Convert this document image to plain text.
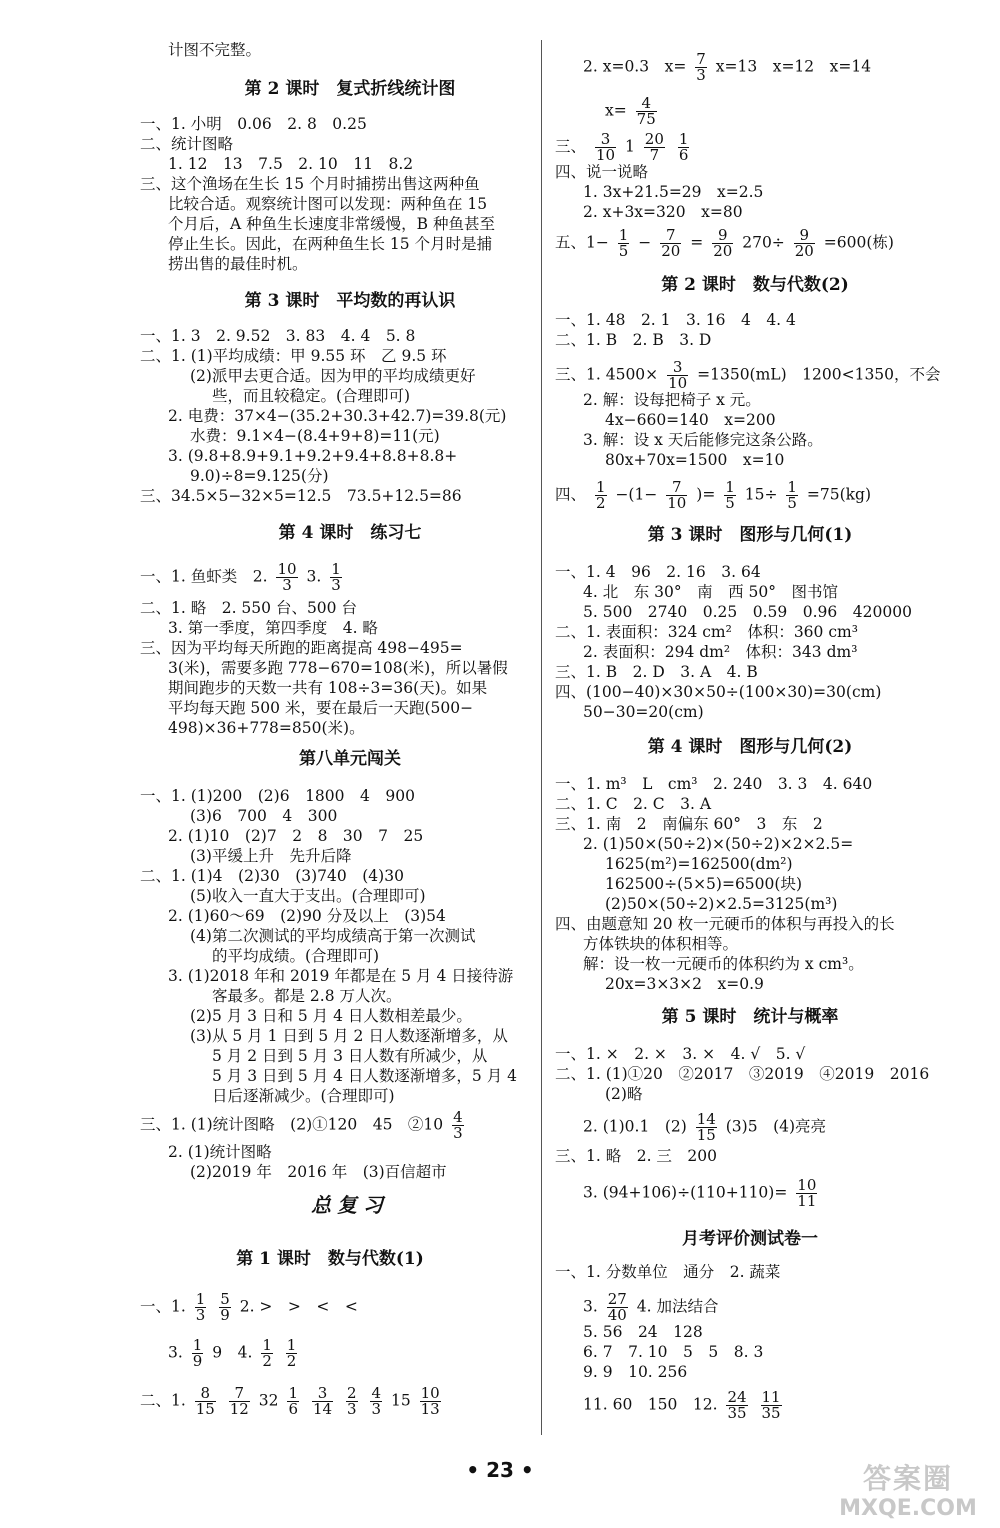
计图不完整。
第 2 课时　复式折线统计图
一、1. 小明　0.06　2. 8　0.25
二、统计图略
1. 12　13　7.5　2. 10　11　8.2
三、这个渔场在生长 15 个月时捕捞出售这两种鱼
比较合适。观察统计图可以发现：两种鱼在 15
个月后，A 种鱼生长速度非常缓慢，B 种鱼甚至
停止生长。因此，在两种鱼生长 15 个月时是捕
捞出售的最佳时机。
第 3 课时　平均数的再认识
一、1. 3　2. 9.52　3. 83　4. 4　5. 8
二、1. (1)平均成绩：甲 9.55 环　乙 9.5 环
(2)派甲去更合适。因为甲的平均成绩更好
些，而且较稳定。(合理即可)
2. 电费：37×4−(35.2+30.3+42.7)=39.8(元)
水费：9.1×4−(8.4+9+8)=11(元)
3. (9.8+8.9+9.1+9.2+9.4+8.8+8.8+
9.0)÷8=9.125(分)
三、34.5×5−32×5=12.5　73.5+12.5=86
第 4 课时　练习七
一、1. 鱼虾类　2. $\frac{10}{3} 3$. $\frac{1}{3}$
二、1. 略　2. 550 台、500 台
3. 第一季度，第四季度　4. 略
三、因为平均每天所跑的距离提高 498−495=
3(米)，需要多跑 778−670=108(米)，所以暑假
期间跑步的天数一共有 108÷3=36(天)。如果
平均每天跑 500 米，要在最后一天跑(500−
498)×36+778=850(米)。
第八单元闯关
一、1. (1)200　(2)6　1800　4　900
(3)6　700　4　300
2. (1)10　(2)7　2　8　30　7　25
(3)平缓上升　先升后降
二、1. (1)4　(2)30　(3)740　(4)30
(5)收入一直大于支出。(合理即可)
2. (1)60～69　(2)90 分及以上　(3)54
(4)第二次测试的平均成绩高于第一次测试
的平均成绩。(合理即可)
3. (1)2018 年和 2019 年都是在 5 月 4 日接待游
客最多。都是 2.8 万人次。
(2)5 月 3 日和 5 月 4 日人数相差最少。
(3)从 5 月 1 日到 5 月 2 日人数逐渐增多，从
5 月 2 日到 5 月 3 日人数有所减少，从
5 月 3 日到 5 月 4 日人数逐渐增多，5 月 4
日后逐渐减少。(合理即可)
三、1. (1)统计图略　(2)①120　45　②10 $\frac{4}{3}$
2. (1)统计图略
(2)2019 年　2016 年　(3)百信超市
总复习
第 1 课时　数与代数(1)
一、1. $\frac{1}{3}$
$\frac{5}{9} 2$. >　>　<　<
3. $\frac{1}{9} 9$　4. $\frac{1}{2}$
$\frac{1}{2}$
二、1. $\frac{8}{15}$
$\frac{7}{12} 32 \frac{1}{6}$
$\frac{3}{14}$
$\frac{2}{3}$
$\frac{4}{3} 15 \frac{10}{13}$
2. x=0.3　$x= \frac{7}{3} x=13$　x=12　x=14
$x= \frac{4}{75}$
三、 $\frac{3}{10} 1 \frac{20}{7}$
$\frac{1}{6}$
四、说一说略
1. 3x+21.5=29　x=2.5
2. x+3x=320　x=80
五、$1- \frac{1}{5} - \frac{7}{20} = \frac{9}{20} 270\div \frac{9}{20} =600$(栋)
第 2 课时　数与代数(2)
一、1. 48　2. 1　3. 16　4　4. 4
二、1. B　2. B　3. D
三、1. $4500\times \frac{3}{10} =1350(mL)$　1200<1350，不会
2. 解：设每把椅子 x 元。
4x−660=140　x=200
3. 解：设 x 天后能修完这条公路。
80x+70x=1500　x=10
四、 $\frac{1}{2} -(1- \frac{7}{10}$ )= $\frac{1}{5} 15\div \frac{1}{5} =75(kg)$
第 3 课时　图形与几何(1)
一、1. 4　96　2. 16　3. 64
4. 北　东 30°　南　西 50°　图书馆
5. 500　2740　0.25　0.59　0.96　420000
二、1. 表面积：324 cm²　体积：360 cm³
2. 表面积：294 dm²　体积：343 dm³
三、1. B　2. D　3. A　4. B
四、(100−40)×30×50÷(100×30)=30(cm)
50−30=20(cm)
第 4 课时　图形与几何(2)
一、1. m³　L　cm³　2. 240　3. 3　4. 640
二、1. C　2. C　3. A
三、1. 南　2　南偏东 60°　3　东　2
2. (1)50×(50÷2)×(50÷2)×2×2.5=
1625(m²)=162500(dm²)
162500÷(5×5)=6500(块)
(2)50×(50÷2)×2.5=3125(m³)
四、由题意知 20 枚一元硬币的体积与再投入的长
方体铁块的体积相等。
解：设一枚一元硬币的体积约为 x cm³。
20x=3×3×2　x=0.9
第 5 课时　统计与概率
一、1. ×　2. ×　3. ×　4. √　5. √
二、1. (1)①20　②2017　③2019　④2019　2016
(2)略
2. (1)0.1　$(2) \frac{14}{15} (3)5$　(4)亮亮
三、1. 略　2. 三　200
3. $(94+106)\div(110+110)= \frac{10}{11}$
月考评价测试卷一
一、1. 分数单位　通分　2. 蔬菜
3. $\frac{27}{40} 4$. 加法结合
5. 56　24　128
6. 7　7. 10　5　5　8. 3
9. 9　10. 256
11. 60　150　12. $\frac{24}{35}$
$\frac{11}{35}$
• 23 •	答案圈
MXQE.COM
